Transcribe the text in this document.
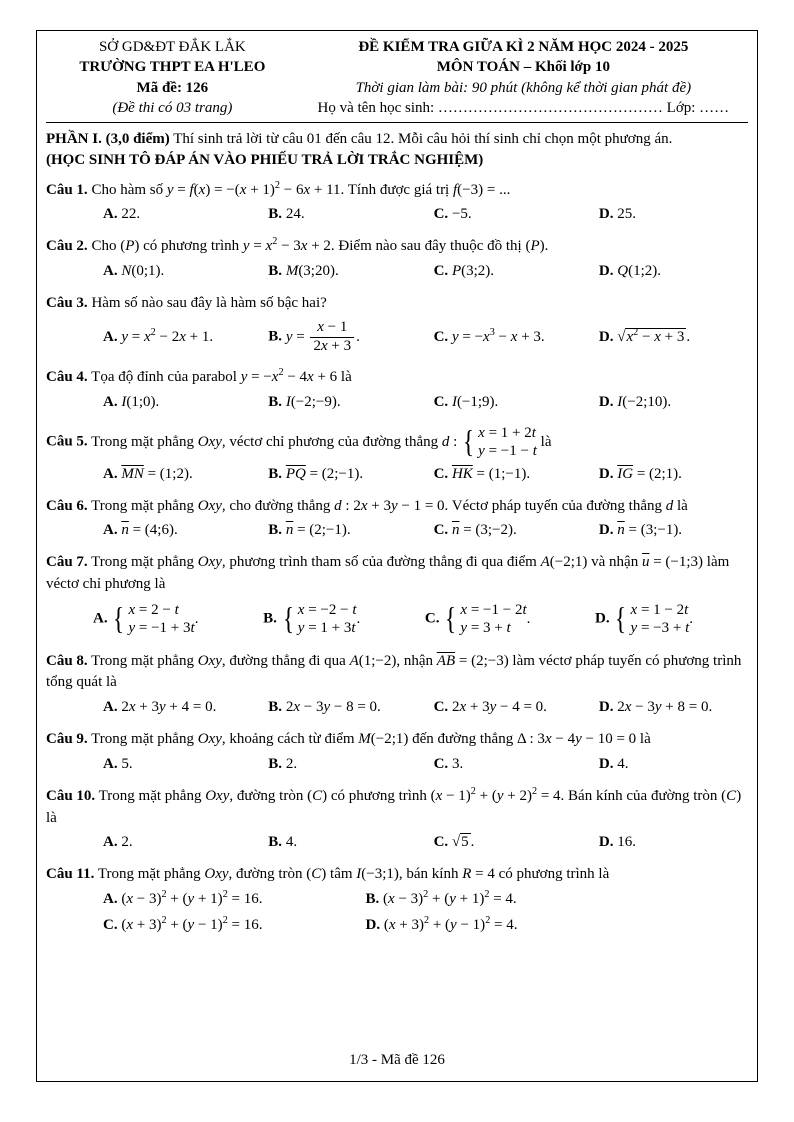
SỞ GD&ĐT ĐẮK LẮK
TRƯỜNG THPT EA H'LEO
Mã đề: 126
(Đề thi có 03 trang)
ĐỀ KIỂM TRA GIỮA KÌ 2 NĂM HỌC 2024 - 2025
MÔN TOÁN – Khối lớp 10
Thời gian làm bài: 90 phút (không kể thời gian phát đề)
Họ và tên học sinh: ……………………………………… Lớp: ……

PHẦN I. (3,0 điểm) Thí sinh trả lời từ câu 01 đến câu 12. Mỗi câu hỏi thí sinh chỉ chọn một phương án.
(HỌC SINH TÔ ĐÁP ÁN VÀO PHIẾU TRẢ LỜI TRẮC NGHIỆM)

Câu 1. Cho hàm số $y = f(x) = -(x + 1)^2 - 6x + 11$. Tính được giá trị f(−3) = ...

A. 22.	B. 24.	C. −5.	D. 25.

Câu 2. Cho (P) có phương trình $y = x^2 - 3x + 2$. Điểm nào sau đây thuộc đồ thị (P).

A. N(0;1).	B. M(3;20).	C. P(3;2).	D. Q(1;2).

Câu 3. Hàm số nào sau đây là hàm số bậc hai?

A. $y = x^2 - 2x + 1$.	B. $y = \frac{x - 1}{2x + 3}$ .	C. $y = -x^3 - x + 3$.	D. $√x^2 - x + 3$ .

Câu 4. Tọa độ đỉnh của parabol $y = -x^2 - 4x + 6$ là

A. I(1;0).	B. I(−2;−9).	C. I(−1;9).	D. I(−2;10).

Câu 5. Trong mặt phẳng Oxy, véctơ chỉ phương của đường thẳng d : { x = 1 + 2t
y = −1 − t
là

A. $\overline{MN}$ = (1;2).	B. $\overline{PQ}$ = (2;−1).	C. $\overline{HK}$ = (1;−1).	D. $\overline{IG}$ = (2;1).

Câu 6. Trong mặt phẳng Oxy, cho đường thẳng d : 2x + 3y − 1 = 0. Véctơ pháp tuyến của đường thẳng d là

A. $\overline{n}$ = (4;6).	B. $\overline{n}$ = (2;−1).	C. $\overline{n}$ = (3;−2).	D. $\overline{n}$ = (3;−1).

Câu 7. Trong mặt phẳng Oxy, phương trình tham số của đường thẳng đi qua điểm A(−2;1) và nhận $\overline{u}$ = (−1;3) làm véctơ chỉ phương là

A. { x = 2 − t
y = −1 + 3t
.	B. { x = −2 − t
y = 1 + 3t
.	C. { x = −1 − 2t
y = 3 + t
.	D. { x = 1 − 2t
y = −3 + t
.

Câu 8. Trong mặt phẳng Oxy, đường thẳng đi qua A(1;−2), nhận $\overline{AB}$ = (2;−3) làm véctơ pháp tuyến có phương trình tổng quát là

A. 2x + 3y + 4 = 0.	B. 2x − 3y − 8 = 0.	C. 2x + 3y − 4 = 0.	D. 2x − 3y + 8 = 0.

Câu 9. Trong mặt phẳng Oxy, khoảng cách từ điểm M(−2;1) đến đường thẳng Δ : 3x − 4y − 10 = 0 là

A. 5.	B. 2.	C. 3.	D. 4.

Câu 10. Trong mặt phẳng Oxy, đường tròn (C) có phương trình $(x - 1)^2 + (y + 2)^2 = 4$. Bán kính của đường tròn (C) là

A. 2.	B. 4.	C. √5 .	D. 16.

Câu 11. Trong mặt phẳng Oxy, đường tròn (C) tâm I(−3;1), bán kính R = 4 có phương trình là

A. $(x - 3)^2 + (y + 1)^2 = 16$.	B. $(x - 3)^2 + (y + 1)^2 = 4$.
C. $(x + 3)^2 + (y - 1)^2 = 16$.	D. $(x + 3)^2 + (y - 1)^2 = 4$.
1/3 - Mã đề 126
